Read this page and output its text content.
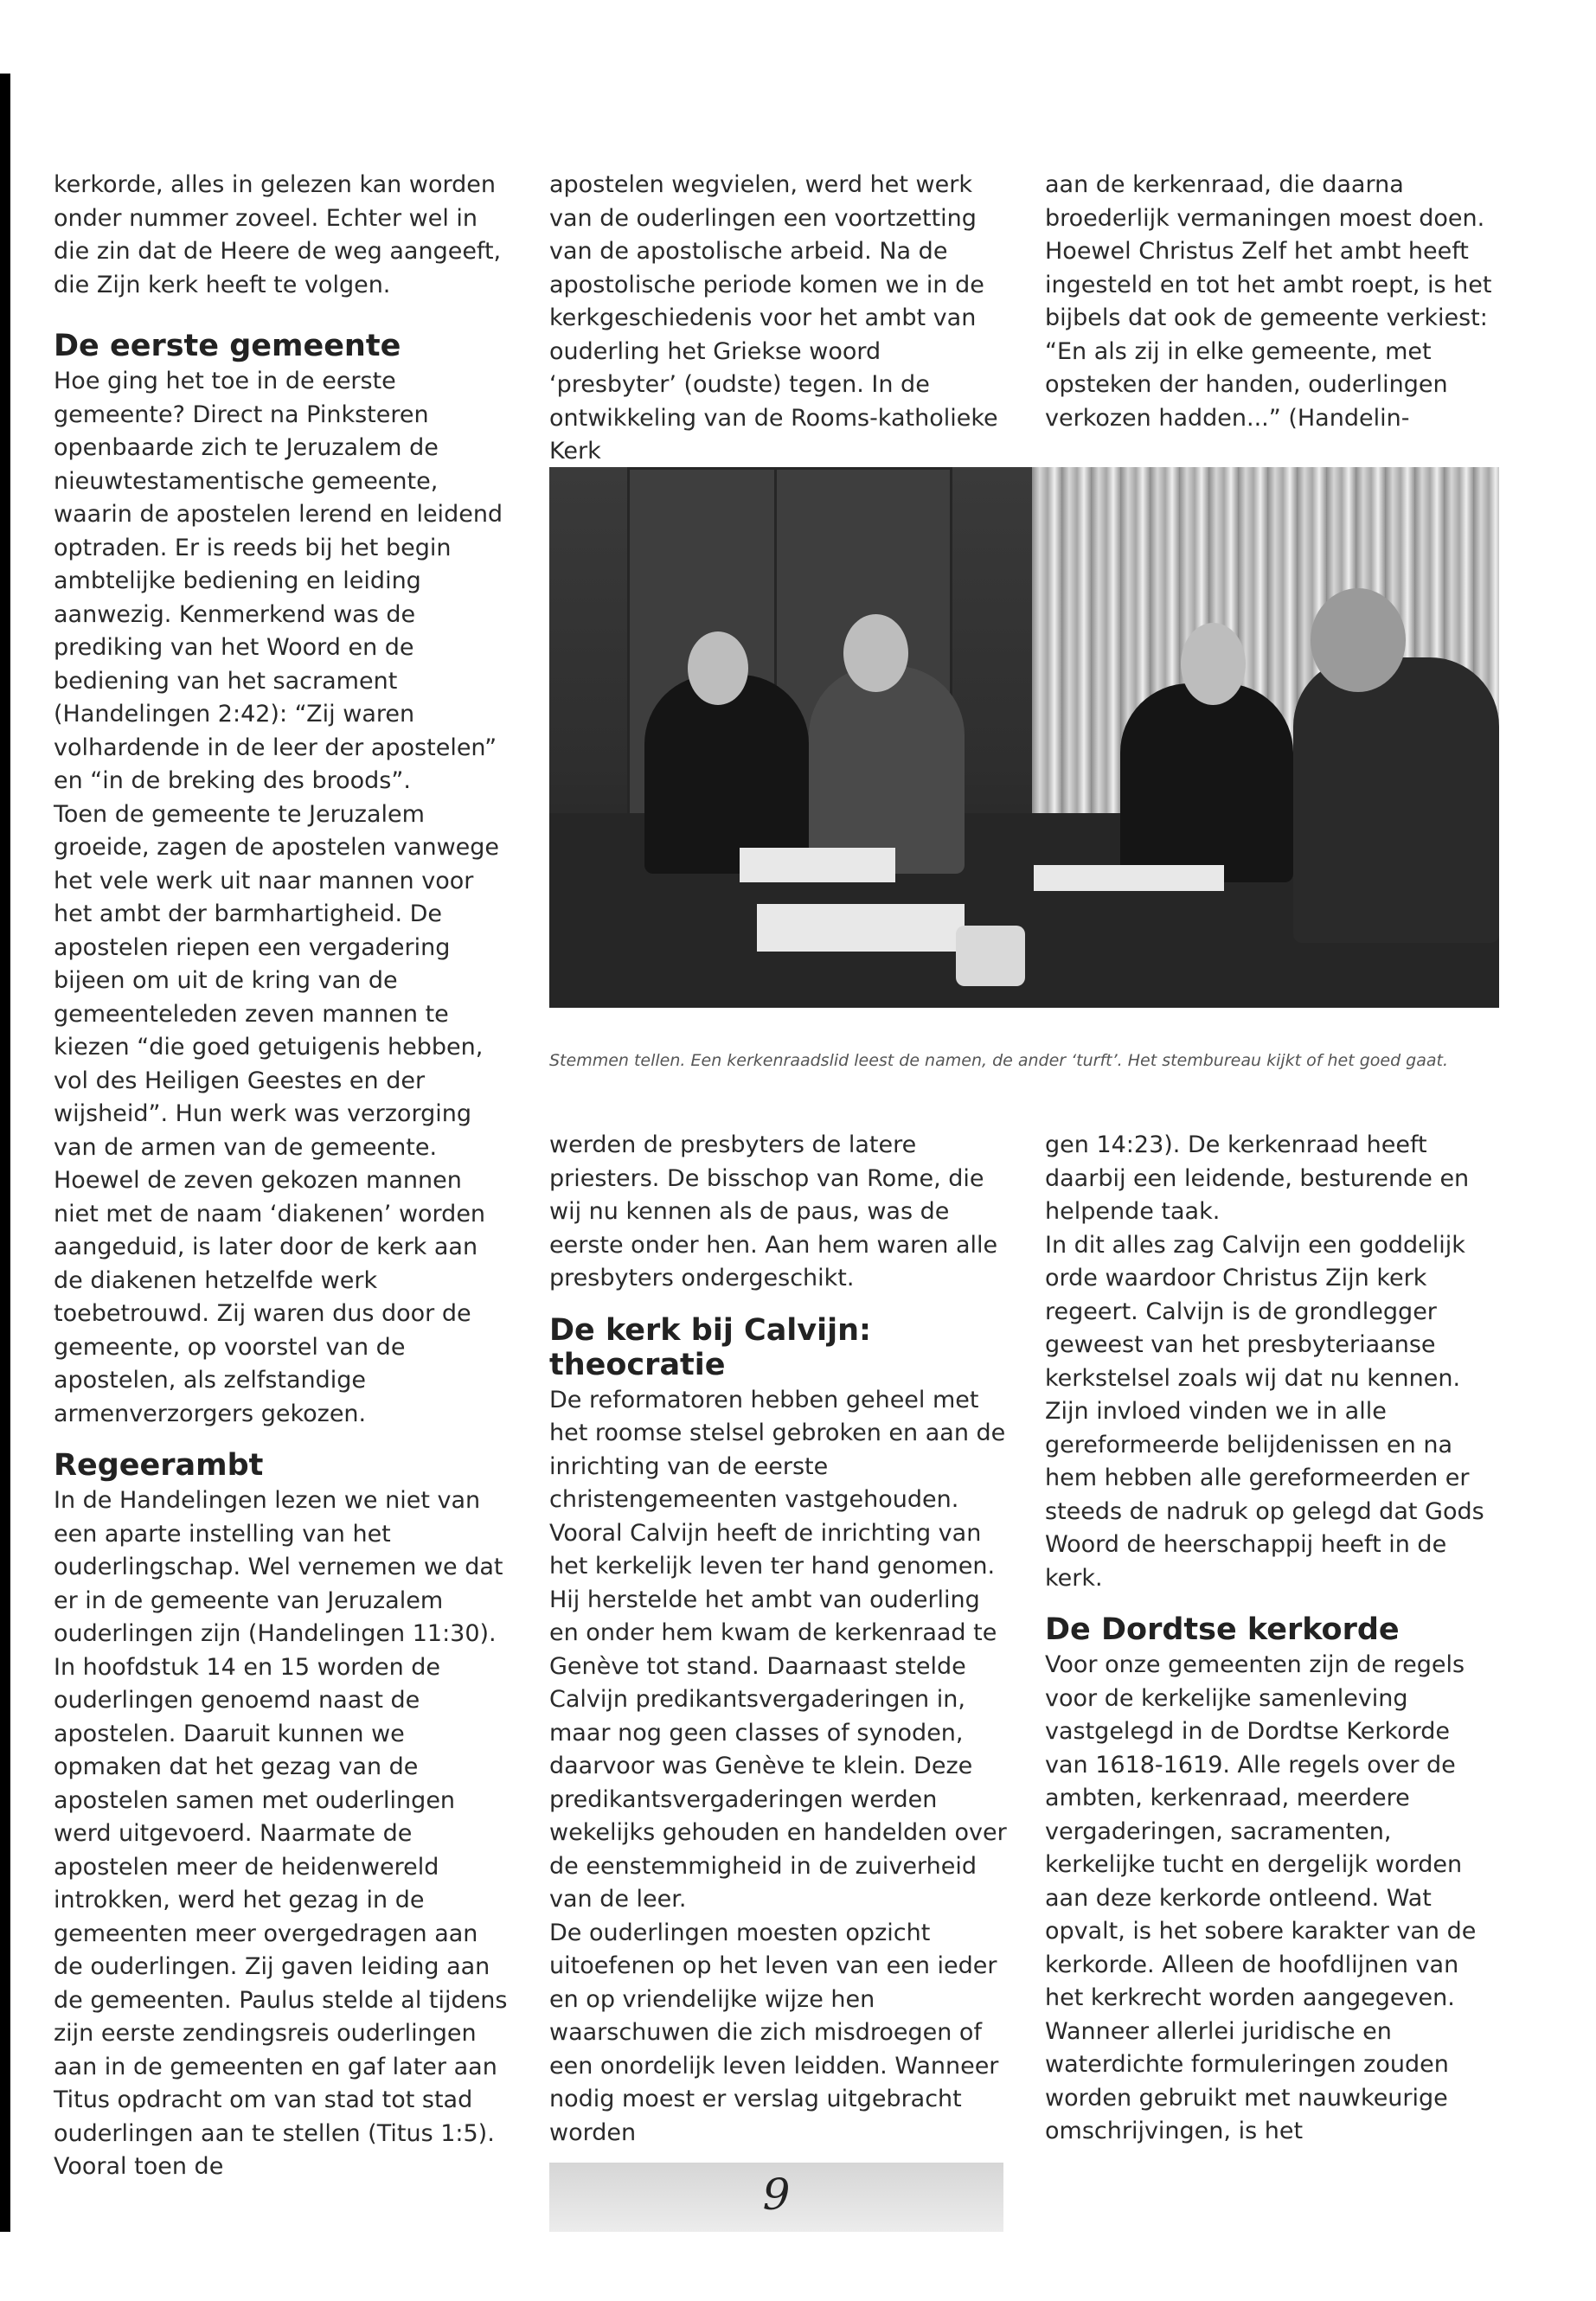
kerkorde, alles in gelezen kan worden onder nummer zoveel. Echter wel in die zin dat de Heere de weg aangeeft, die Zijn kerk heeft te volgen.

De eerste gemeente

Hoe ging het toe in de eerste gemeente? Direct na Pinksteren openbaarde zich te Jeruzalem de nieuwtestamentische gemeente, waarin de apostelen lerend en leidend optraden. Er is reeds bij het begin ambtelijke bediening en leiding aanwezig. Kenmerkend was de prediking van het Woord en de bediening van het sacrament (Handelingen 2:42): “Zij waren volhardende in de leer der apostelen” en “in de breking des broods”.

Toen de gemeente te Jeruzalem groeide, zagen de apostelen vanwege het vele werk uit naar mannen voor het ambt der barmhartigheid. De apostelen riepen een vergadering bijeen om uit de kring van de gemeenteleden zeven mannen te kiezen “die goed getuigenis hebben, vol des Heiligen Geestes en der wijsheid”. Hun werk was verzorging van de armen van de gemeente. Hoewel de zeven gekozen mannen niet met de naam ‘diakenen’ worden aangeduid, is later door de kerk aan de diakenen hetzelfde werk toebetrouwd. Zij waren dus door de gemeente, op voorstel van de apostelen, als zelfstandige armenverzorgers gekozen.

Regeerambt

In de Handelingen lezen we niet van een aparte instelling van het ouderlingschap. Wel vernemen we dat er in de gemeente van Jeruzalem ouderlingen zijn (Handelingen 11:30). In hoofdstuk 14 en 15 worden de ouderlingen genoemd naast de apostelen. Daaruit kunnen we opmaken dat het gezag van de apostelen samen met ouderlingen werd uitgevoerd. Naarmate de apostelen meer de heidenwereld introkken, werd het gezag in de gemeenten meer overgedragen aan de ouderlingen. Zij gaven leiding aan de gemeenten. Paulus stelde al tijdens zijn eerste zendingsreis ouderlingen aan in de gemeenten en gaf later aan Titus opdracht om van stad tot stad ouderlingen aan te stellen (Titus 1:5). Vooral toen de

apostelen wegvielen, werd het werk van de ouderlingen een voortzetting van de apostolische arbeid. Na de apostolische periode komen we in de kerkgeschiedenis voor het ambt van ouderling het Griekse woord ‘presbyter’ (oudste) tegen. In de ontwikkeling van de Rooms-katholieke Kerk

aan de kerkenraad, die daarna broederlijk vermaningen moest doen. Hoewel Christus Zelf het ambt heeft ingesteld en tot het ambt roept, is het bijbels dat ook de gemeente verkiest: “En als zij in elke gemeente, met opsteken der handen, ouderlingen verkozen hadden...” (Handelin-

Stemmen tellen. Een kerkenraadslid leest de namen, de ander ‘turft’. Het stembureau kijkt of het goed gaat.

werden de presbyters de latere priesters. De bisschop van Rome, die wij nu kennen als de paus, was de eerste onder hen. Aan hem waren alle presbyters ondergeschikt.

De kerk bij Calvijn:
theocratie

De reformatoren hebben geheel met het roomse stelsel gebroken en aan de inrichting van de eerste christengemeenten vastgehouden. Vooral Calvijn heeft de inrichting van het kerkelijk leven ter hand genomen. Hij herstelde het ambt van ouderling en onder hem kwam de kerkenraad te Genève tot stand. Daarnaast stelde Calvijn predikantsvergaderingen in, maar nog geen classes of synoden, daarvoor was Genève te klein. Deze predikantsvergaderingen werden wekelijks gehouden en handelden over de eenstemmigheid in de zuiverheid van de leer.

De ouderlingen moesten opzicht uitoefenen op het leven van een ieder en op vriendelijke wijze hen waarschuwen die zich misdroegen of een onordelijk leven leidden. Wanneer nodig moest er verslag uitgebracht worden

gen 14:23). De kerkenraad heeft daarbij een leidende, besturende en helpende taak.

In dit alles zag Calvijn een goddelijk orde waardoor Christus Zijn kerk regeert. Calvijn is de grondlegger geweest van het presbyteriaanse kerkstelsel zoals wij dat nu kennen. Zijn invloed vinden we in alle gereformeerde belijdenissen en na hem hebben alle gereformeerden er steeds de nadruk op gelegd dat Gods Woord de heerschappij heeft in de kerk.

De Dordtse kerkorde

Voor onze gemeenten zijn de regels voor de kerkelijke samenleving vastgelegd in de Dordtse Kerkorde van 1618-1619. Alle regels over de ambten, kerkenraad, meerdere vergaderingen, sacramenten, kerkelijke tucht en dergelijk worden aan deze kerkorde ontleend. Wat opvalt, is het sobere karakter van de kerkorde. Alleen de hoofdlijnen van het kerkrecht worden aangegeven. Wanneer allerlei juridische en waterdichte formuleringen zouden worden gebruikt met nauwkeurige omschrijvingen, is het

9
